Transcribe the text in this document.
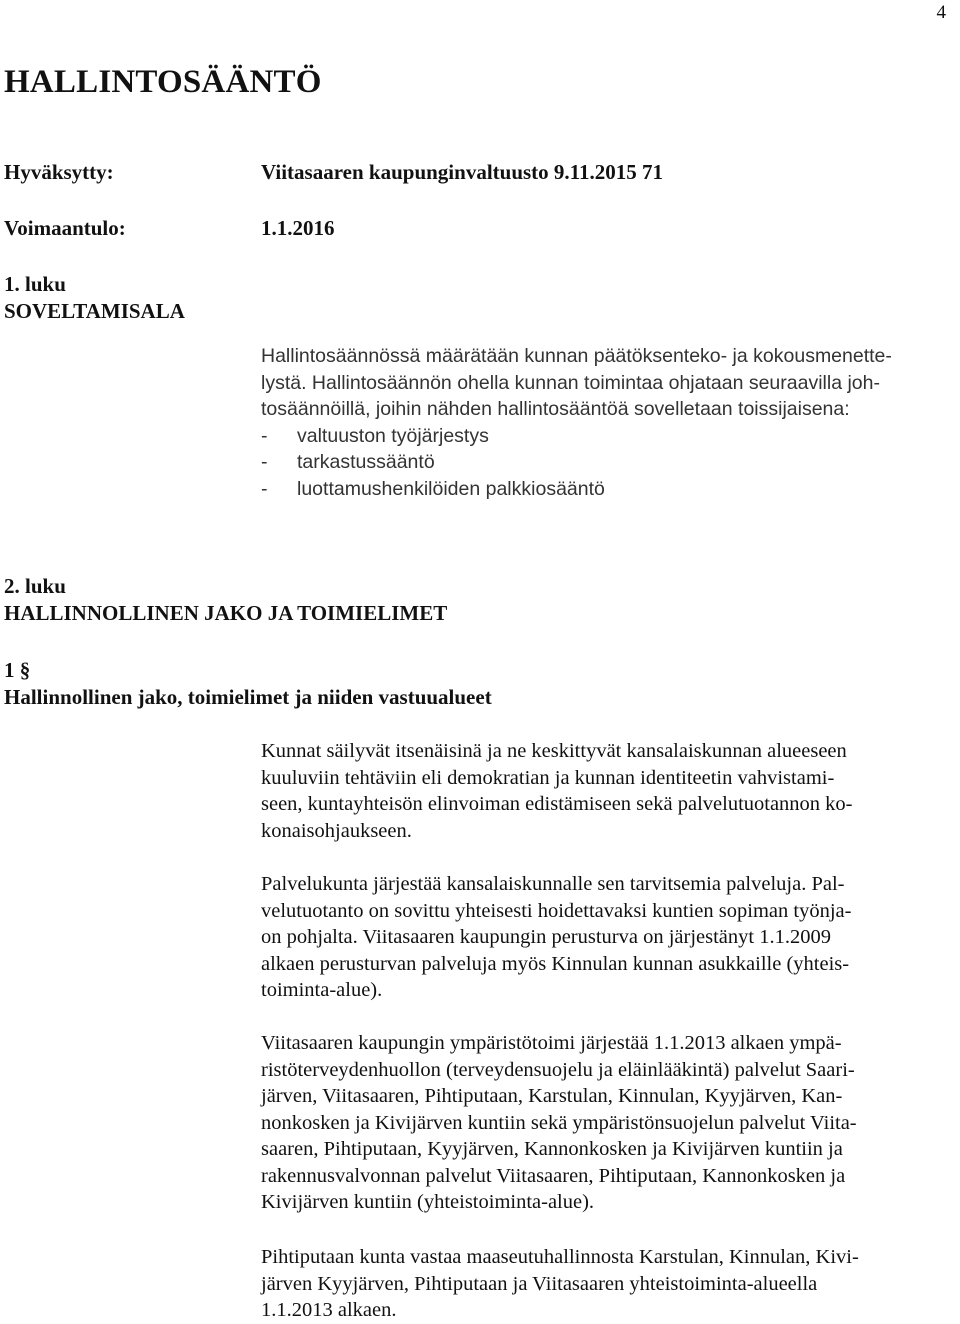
4
HALLINTOSÄÄNTÖ
Hyväksytty:	Viitasaaren kaupunginvaltuusto 9.11.2015 71
Voimaantulo:	1.1.2016
1. luku
SOVELTAMISALA

Hallintosäännössä määrätään kunnan päätöksenteko- ja kokousmenette-

lystä. Hallintosäännön ohella kunnan toimintaa ohjataan seuraavilla joh-

tosäännöillä, joihin nähden hallintosääntöä sovelletaan toissijaisena:

- valtuuston työjärjestys
- tarkastussääntö
- luottamushenkilöiden palkkiosääntö
2. luku
HALLINNOLLINEN JAKO JA TOIMIELIMET
1 §
Hallinnollinen jako, toimielimet ja niiden vastuualueet

Kunnat säilyvät itsenäisinä ja ne keskittyvät kansalaiskunnan alueeseen

kuuluviin tehtäviin eli demokratian ja kunnan identiteetin vahvistami-

seen, kuntayhteisön elinvoiman edistämiseen sekä palvelutuotannon ko-

konaisohjaukseen.

Palvelukunta järjestää kansalaiskunnalle sen tarvitsemia palveluja. Pal-

velutuotanto on sovittu yhteisesti hoidettavaksi kuntien sopiman työnja-

on pohjalta. Viitasaaren kaupungin perusturva on järjestänyt 1.1.2009

alkaen perusturvan palveluja myös Kinnulan kunnan asukkaille (yhteis-

toiminta-alue).

Viitasaaren kaupungin ympäristötoimi järjestää 1.1.2013 alkaen ympä-

ristöterveydenhuollon (terveydensuojelu ja eläinlääkintä) palvelut Saari-

järven, Viitasaaren, Pihtiputaan, Karstulan, Kinnulan, Kyyjärven, Kan-

nonkosken ja Kivijärven kuntiin sekä ympäristönsuojelun palvelut Viita-

saaren, Pihtiputaan, Kyyjärven, Kannonkosken ja Kivijärven kuntiin ja

rakennusvalvonnan palvelut Viitasaaren, Pihtiputaan, Kannonkosken ja

Kivijärven kuntiin (yhteistoiminta-alue).

Pihtiputaan kunta vastaa maaseutuhallinnosta Karstulan, Kinnulan, Kivi-

järven Kyyjärven, Pihtiputaan ja Viitasaaren yhteistoiminta-alueella

1.1.2013 alkaen.
